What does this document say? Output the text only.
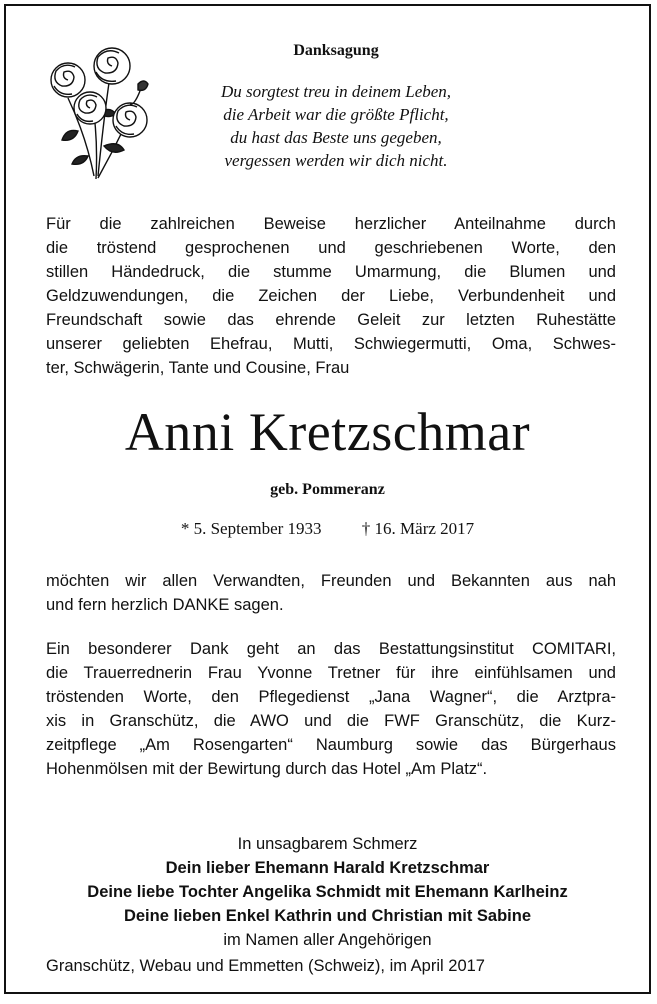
Danksagung
Du sorgtest treu in deinem Leben,
die Arbeit war die größte Pflicht,
du hast das Beste uns gegeben,
vergessen werden wir dich nicht.
Für die zahlreichen Beweise herzlicher Anteilnahme durch
die tröstend gesprochenen und geschriebenen Worte, den
stillen Händedruck, die stumme Umarmung, die Blumen und
Geldzuwendungen, die Zeichen der Liebe, Verbundenheit und
Freundschaft sowie das ehrende Geleit zur letzten Ruhestätte
unserer geliebten Ehefrau, Mutti, Schwiegermutti, Oma, Schwes-
ter, Schwägerin, Tante und Cousine, Frau
Anni Kretzschmar
geb. Pommeranz
* 5. September 1933 † 16. März 2017
möchten wir allen Verwandten, Freunden und Bekannten aus nah
und fern herzlich DANKE sagen.
Ein besonderer Dank geht an das Bestattungsinstitut COMITARI,
die Trauerrednerin Frau Yvonne Tretner für ihre einfühlsamen und
tröstenden Worte, den Pflegedienst „Jana Wagner“, die Arztpra-
xis in Granschütz, die AWO und die FWF Granschütz, die Kurz-
zeitpflege „Am Rosengarten“ Naumburg sowie das Bürgerhaus
Hohenmölsen mit der Bewirtung durch das Hotel „Am Platz“.
In unsagbarem Schmerz
Dein lieber Ehemann Harald Kretzschmar
Deine liebe Tochter Angelika Schmidt mit Ehemann Karlheinz
Deine lieben Enkel Kathrin und Christian mit Sabine
im Namen aller Angehörigen
Granschütz, Webau und Emmetten (Schweiz), im April 2017
